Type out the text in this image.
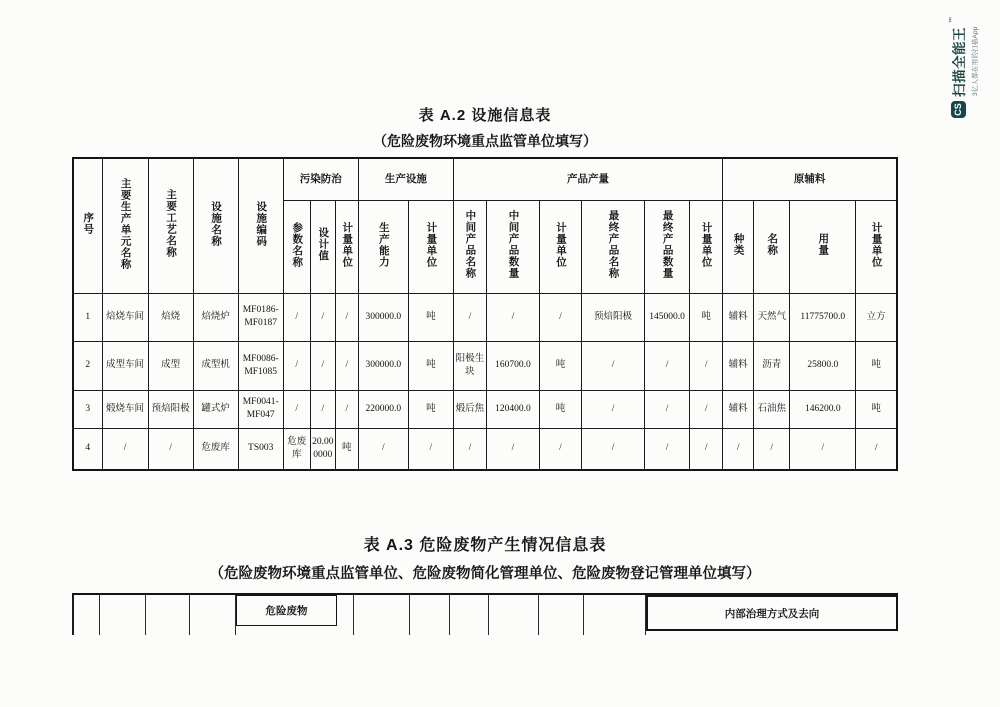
CS
扫描全能王
™
3亿人都在用的扫描App
表 A.2 设施信息表
（危险废物环境重点监管单位填写）
序号	主要生产单元名称	主要工艺名称	设施名称	设施编码	污染防治			生产设施		产品产量						原辅料			
					参数名称	设计值	计量单位	生产能力	计量单位	中间产品名称	中间产品数量	计量单位	最终产品名称	最终产品数量	计量单位	种类	名称	用量	计量单位
1	焙烧车间	焙烧	焙烧炉	MF0186-MF0187	/	/	/	300000.0	吨	/	/	/	预焙阳极	145000.0	吨	辅料	天然气	11775700.0	立方
2	成型车间	成型	成型机	MF0086-MF1085	/	/	/	300000.0	吨	阳极生块	160700.0	吨	/	/	/	辅料	沥青	25800.0	吨
3	煅烧车间	预焙阳极	罐式炉	MF0041-MF047	/	/	/	220000.0	吨	煅后焦	120400.0	吨	/	/	/	辅料	石油焦	146200.0	吨
4	/	/	危废库	TS003	危废库	20.000000	吨	/	/	/	/	/	/	/	/	/	/	/	/
表 A.3 危险废物产生情况信息表
（危险废物环境重点监管单位、危险废物简化管理单位、危险废物登记管理单位填写）
危险废物	内部治理方式及去向
